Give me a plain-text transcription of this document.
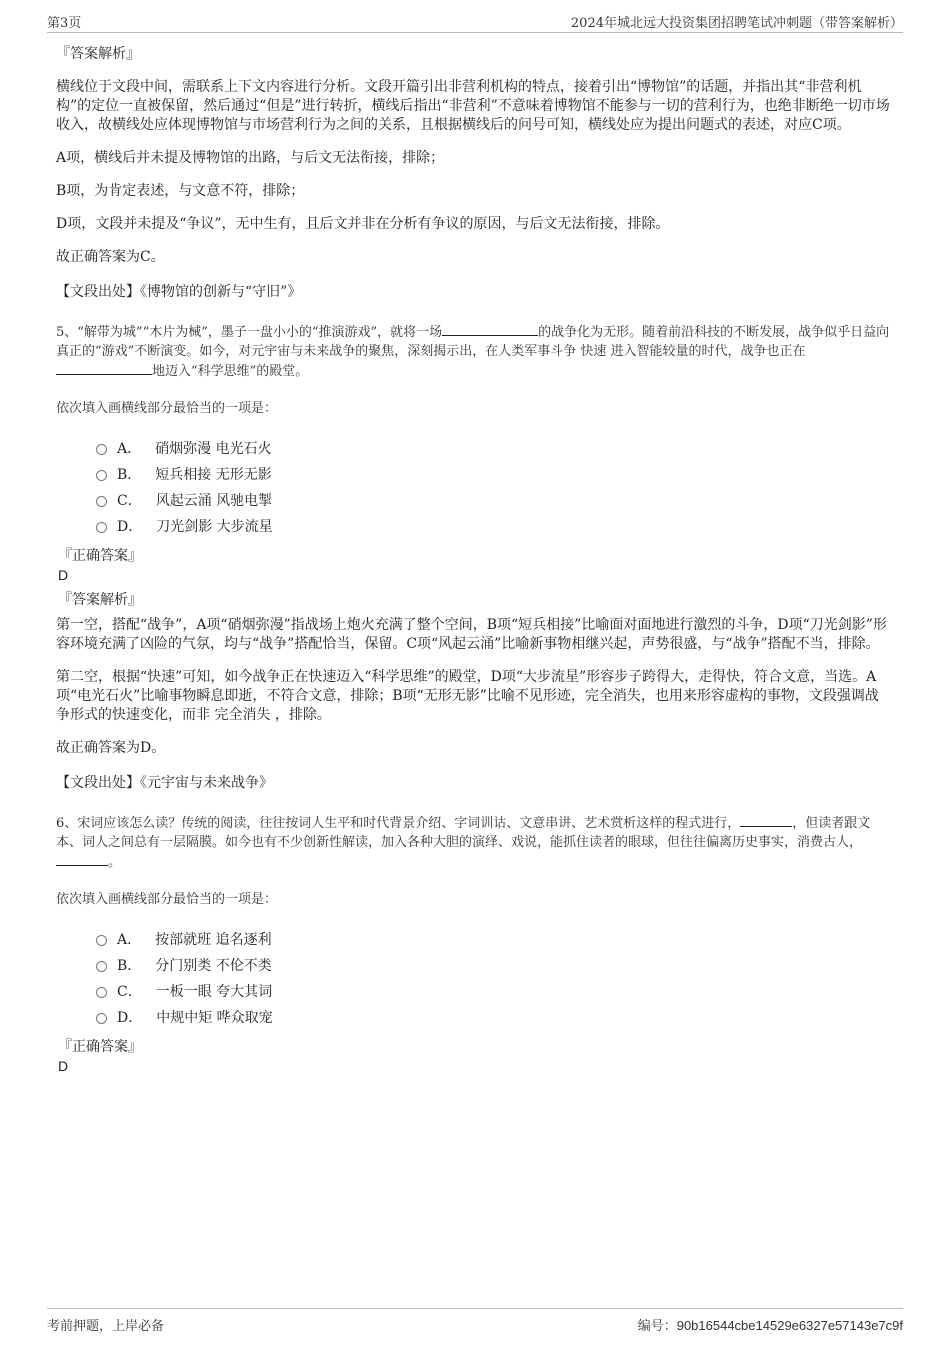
第3页	2024年城北远大投资集团招聘笔试冲刺题（带答案解析）
『答案解析』

横线位于文段中间，需联系上下文内容进行分析。文段开篇引出非营利机构的特点，接着引出“博物馆”的话题，并指出其“非营利机构”的定位一直被保留，然后通过“但是”进行转折，横线后指出“非营利”不意味着博物馆不能参与一切的营利行为，也绝非断绝一切市场收入，故横线处应体现博物馆与市场营利行为之间的关系，且根据横线后的问号可知，横线处应为提出问题式的表述，对应C项。

A项，横线后并未提及博物馆的出路，与后文无法衔接，排除；

B项，为肯定表述，与文意不符，排除；

D项，文段并未提及“争议”，无中生有，且后文并非在分析有争议的原因，与后文无法衔接，排除。

故正确答案为C。

【文段出处】《博物馆的创新与“守旧”》

5、“解带为城”“木片为械”，墨子一盘小小的“推演游戏”，就将一场	的战争化为无形。随着前沿科技的不断发展，战争似乎日益向真正的“游戏”不断演变。如今，对元宇宙与未来战争的聚焦，深刻揭示出，在人类军事斗争 快速 进入智能较量的时代，战争也正在
地迈入“科学思维”的殿堂。

依次填入画横线部分最恰当的一项是：

A． 硝烟弥漫 电光石火
B． 短兵相接 无形无影
C． 风起云涌 风驰电掣
D． 刀光剑影 大步流星
『正确答案』
D
『答案解析』

第一空，搭配“战争”，A项“硝烟弥漫”指战场上炮火充满了整个空间，B项“短兵相接”比喻面对面地进行激烈的斗争，D项“刀光剑影”形容环境充满了凶险的气氛，均与“战争”搭配恰当，保留。C项“风起云涌”比喻新事物相继兴起，声势很盛，与“战争”搭配不当，排除。

第二空，根据“快速”可知，如今战争正在快速迈入“科学思维”的殿堂，D项“大步流星”形容步子跨得大，走得快，符合文意，当选。A项“电光石火”比喻事物瞬息即逝，不符合文意，排除；B项“无形无影”比喻不见形迹，完全消失，也用来形容虚构的事物，文段强调战争形式的快速变化，而非 完全消失 ，排除。

故正确答案为D。

【文段出处】《元宇宙与未来战争》

6、宋词应该怎么读？传统的阅读，往往按词人生平和时代背景介绍、字词训诂、文意串讲、艺术赏析这样的程式进行，	，但读者跟文本、词人之间总有一层隔膜。如今也有不少创新性解读，加入各种大胆的演绎、戏说，能抓住读者的眼球，但往往偏离历史事实，消费古人，。

依次填入画横线部分最恰当的一项是：

A． 按部就班 追名逐利
B． 分门别类 不伦不类
C． 一板一眼 夸大其词
D． 中规中矩 哗众取宠
『正确答案』
D
考前押题，上岸必备	编号：90b16544cbe14529e6327e57143e7c9f
